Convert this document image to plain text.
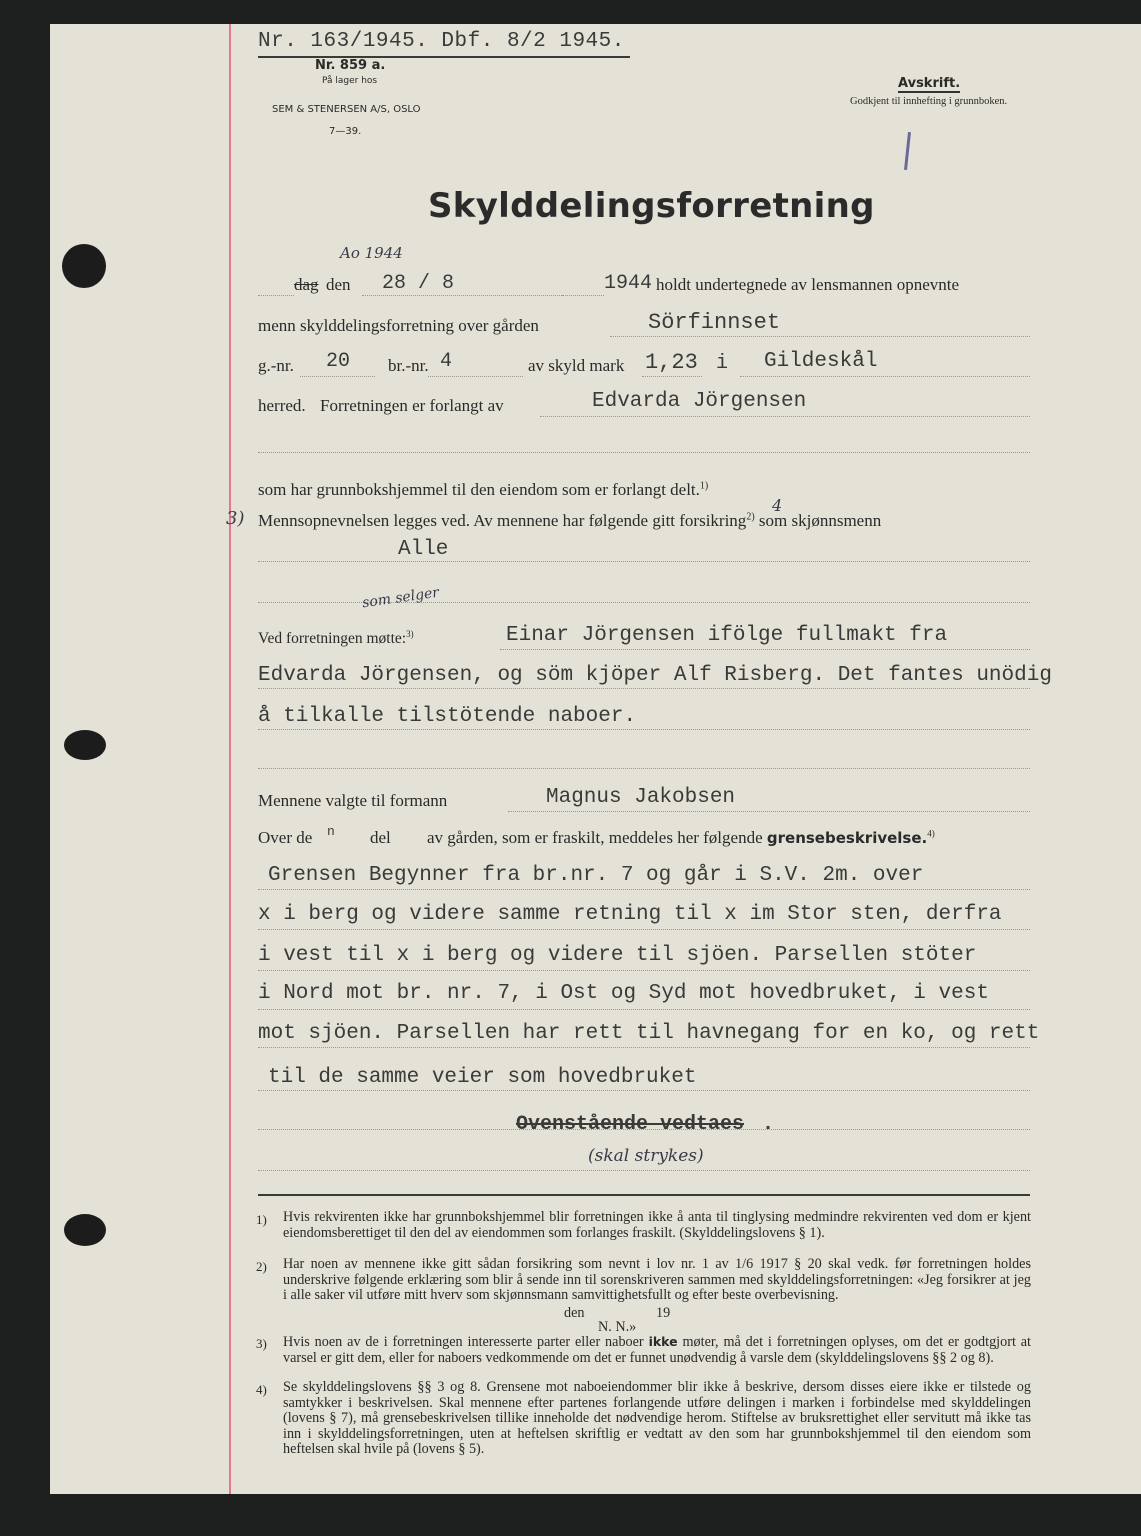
Nr. 163/1945. Dbf. 8/2 1945.
Nr. 859 a.
På lager hos
SEM & STENERSEN A/S, OSLO
7—39.
Avskrift.
Godkjent til innhefting i grunnboken.
Skylddelingsforretning
Ao 1944
dag den 28 / 8	1944 holdt undertegnede av lensmannen opnevnte
menn skylddelingsforretning over gården	Sörfinnset
g.-nr. 20 br.-nr. 4	av skyld mark 1,23 i Gildeskål
herred. Forretningen er forlangt av	Edvarda Jörgensen
som har grunnbokshjemmel til den eiendom som er forlangt delt.$^{1)}$
3) Mennsopnevnelsen legges ved. Av mennene har følgende gitt forsikring$^{2)}$ som skjønnsmenn
4
Alle
som selger
Ved forretningen møtte:$^{3)}$	Einar Jörgensen ifölge fullmakt fra
Edvarda Jörgensen, og söm kjöper Alf Risberg. Det fantes unödig
å tilkalle tilstötende naboer.
Mennene valgte til formann	Magnus Jakobsen
Over de n del av gården, som er fraskilt, meddeles her følgende grensebeskrivelse.$^{4)}$
Grensen Begynner fra br.nr. 7 og går i S.V. 2m. over
x i berg og videre samme retning til x im Stor sten, derfra
i vest til x i berg og videre til sjöen. Parsellen stöter
i Nord mot br. nr. 7, i Ost og Syd mot hovedbruket, i vest
mot sjöen. Parsellen har rett til havnegang for en ko, og rett
til de samme veier som hovedbruket
Ovenstående vedtaes .
(skal strykes)
1) Hvis rekvirenten ikke har grunnbokshjemmel blir forretningen ikke å anta til tinglysing medmindre rekvirenten ved dom er kjent eiendomsberettiget til den del av eiendommen som forlanges fraskilt. (Skylddelingslovens § 1).
2) Har noen av mennene ikke gitt sådan forsikring som nevnt i lov nr. 1 av 1/6 1917 § 20 skal vedk. før forretningen holdes underskrive følgende erklæring som blir å sende inn til sorenskriveren sammen med skylddelingsforretningen: «Jeg forsikrer at jeg i alle saker vil utføre mitt hverv som skjønnsmann samvittighetsfullt og efter beste overbevisning.
den	19
N. N.»
3) Hvis noen av de i forretningen interesserte parter eller naboer ikke møter, må det i forretningen oplyses, om det er godtgjort at varsel er gitt dem, eller for naboers vedkommende om det er funnet unødvendig å varsle dem (skylddelingslovens §§ 2 og 8).
4) Se skylddelingslovens §§ 3 og 8. Grensene mot naboeiendommer blir ikke å beskrive, dersom disses eiere ikke er tilstede og samtykker i beskrivelsen. Skal mennene efter partenes forlangende utføre delingen i marken i forbindelse med skylddelingen (lovens § 7), må grensebeskrivelsen tillike inneholde det nødvendige herom. Stiftelse av bruksrettighet eller servitutt må ikke tas inn i skylddelingsforretningen, uten at heftelsen skriftlig er vedtatt av den som har grunnbokshjemmel til den eiendom som heftelsen skal hvile på (lovens § 5).
